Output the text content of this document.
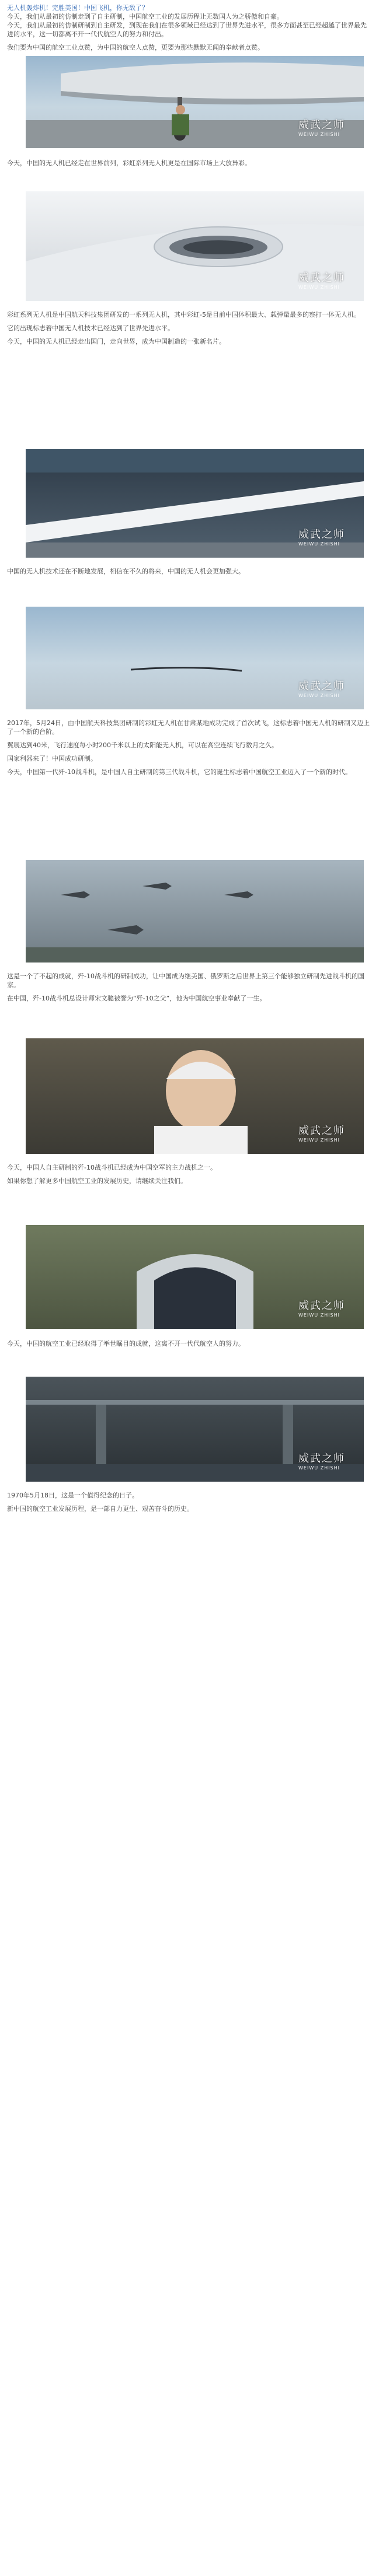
无人机轰炸机！完胜美国！中国飞机，你无敌了？

今天，我们从最初的仿制走到了自主研制，中国航空工业的发展历程让无数国人为之骄傲和自豪。

今天，我们从最初的仿制研制到自主研发，到现在我们在很多领域已经达到了世界先进水平，很多方面甚至已经超越了世界最先进的水平，这一切都离不开一代代航空人的努力和付出。

我们要为中国的航空工业点赞，为中国的航空人点赞，更要为那些默默无闻的奉献者点赞。

威武之师
WEIWU ZHISHI

今天，中国的无人机已经走在世界前列，彩虹系列无人机更是在国际市场上大放异彩。

威武之师
WEIWU ZHISHI

彩虹系列无人机是中国航天科技集团研发的一系列无人机，其中彩虹-5是目前中国体积最大、载弹量最多的察打一体无人机。

它的出现标志着中国无人机技术已经达到了世界先进水平。

今天，中国的无人机已经走出国门，走向世界，成为中国制造的一张新名片。

威武之师
WEIWU ZHISHI

中国的无人机技术还在不断地发展，相信在不久的将来，中国的无人机会更加强大。

威武之师
WEIWU ZHISHI

2017年，5月24日，由中国航天科技集团研制的彩虹无人机在甘肃某地成功完成了首次试飞，这标志着中国无人机的研制又迈上了一个新的台阶。

翼展达到40米，飞行速度每小时200千米以上的太阳能无人机，可以在高空连续飞行数月之久。

国家利器来了！中国成功研制。

今天，中国第一代歼-10战斗机，是中国人自主研制的第三代战斗机，它的诞生标志着中国航空工业迈入了一个新的时代。

这是一个了不起的成就，歼-10战斗机的研制成功，让中国成为继美国、俄罗斯之后世界上第三个能够独立研制先进战斗机的国家。

在中国，歼-10战斗机总设计师宋文骢被誉为“歼-10之父”，他为中国航空事业奉献了一生。

威武之师
WEIWU ZHISHI

今天，中国人自主研制的歼-10战斗机已经成为中国空军的主力战机之一。

如果你想了解更多中国航空工业的发展历史，请继续关注我们。

威武之师
WEIWU ZHISHI

今天，中国的航空工业已经取得了举世瞩目的成就，这离不开一代代航空人的努力。

威武之师
WEIWU ZHISHI

1970年5月18日，这是一个值得纪念的日子。

新中国的航空工业发展历程，是一部自力更生、艰苦奋斗的历史。
